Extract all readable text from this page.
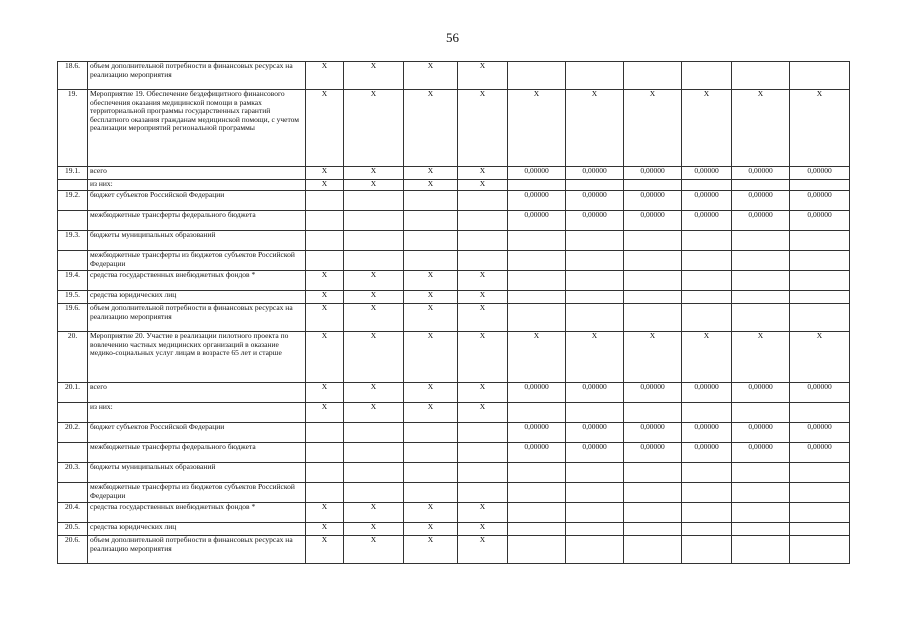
56
18.6.	объем дополнительной потребности в финансовых ресурсах на реализацию мероприятия	X	X	X	X						
19.	Мероприятие 19. Обеспечение бездефицитного финансового обеспечения оказания медицинской помощи в рамках территориальной программы государственных гарантий бесплатного оказания гражданам медицинской помощи, с учетом реализации мероприятий региональной программы	X	X	X	X	X	X	X	X	X	X
19.1.	всего	X	X	X	X	0,00000	0,00000	0,00000	0,00000	0,00000	0,00000
	из них:	X	X	X	X						
19.2.	бюджет субъектов Российской Федерации					0,00000	0,00000	0,00000	0,00000	0,00000	0,00000
	межбюджетные трансферты федерального бюджета					0,00000	0,00000	0,00000	0,00000	0,00000	0,00000
19.3.	бюджеты муниципальных образований										
	межбюджетные трансферты из бюджетов субъектов Российской Федерации										
19.4.	средства государственных внебюджетных фондов *	X	X	X	X						
19.5.	средства юридических лиц	X	X	X	X						
19.6.	объем дополнительной потребности в финансовых ресурсах на реализацию мероприятия	X	X	X	X						
20.	Мероприятие 20. Участие в реализации пилотного проекта по вовлечению частных медицинских организаций в оказание медико-социальных услуг лицам в возрасте 65 лет и старше	X	X	X	X	X	X	X	X	X	X
20.1.	всего	X	X	X	X	0,00000	0,00000	0,00000	0,00000	0,00000	0,00000
	из них:	X	X	X	X						
20.2.	бюджет субъектов Российской Федерации					0,00000	0,00000	0,00000	0,00000	0,00000	0,00000
	межбюджетные трансферты федерального бюджета					0,00000	0,00000	0,00000	0,00000	0,00000	0,00000
20.3.	бюджеты муниципальных образований										
	межбюджетные трансферты из бюджетов субъектов Российской Федерации										
20.4.	средства государственных внебюджетных фондов *	X	X	X	X						
20.5.	средства юридических лиц	X	X	X	X						
20.6.	объем дополнительной потребности в финансовых ресурсах на реализацию мероприятия	X	X	X	X						
